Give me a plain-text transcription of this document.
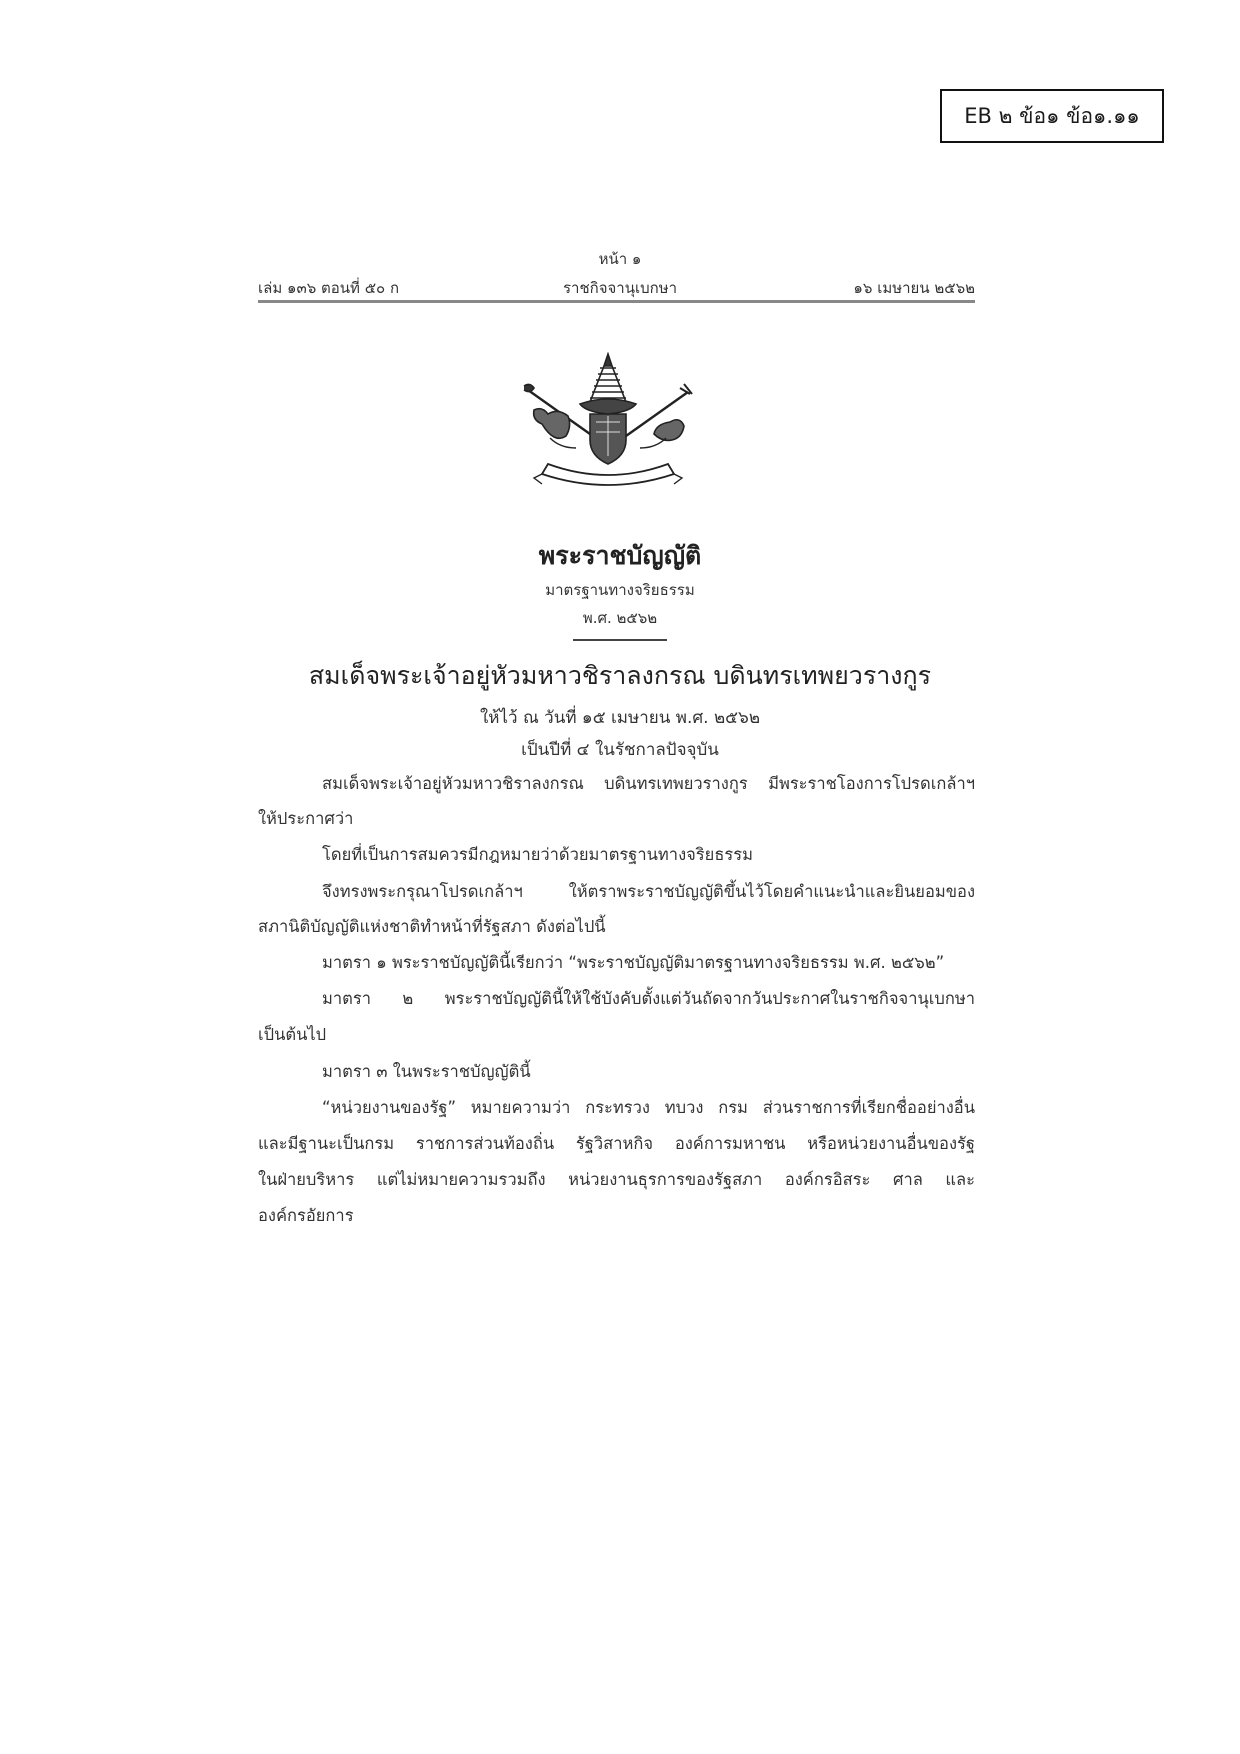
EB ๒ ข้อ๑ ข้อ๑.๑๑
หน้า ๑
เล่ม ๑๓๖ ตอนที่ ๕๐ ก	ราชกิจจานุเบกษา	๑๖ เมษายน ๒๕๖๒
พระราชบัญญัติ
มาตรฐานทางจริยธรรม
พ.ศ. ๒๕๖๒
สมเด็จพระเจ้าอยู่หัวมหาวชิราลงกรณ บดินทรเทพยวรางกูร
ให้ไว้ ณ วันที่ ๑๕ เมษายน พ.ศ. ๒๕๖๒
เป็นปีที่ ๔ ในรัชกาลปัจจุบัน
สมเด็จพระเจ้าอยู่หัวมหาวชิราลงกรณ บดินทรเทพยวรางกูร มีพระราชโองการโปรดเกล้าฯ
ให้ประกาศว่า
โดยที่เป็นการสมควรมีกฎหมายว่าด้วยมาตรฐานทางจริยธรรม
จึงทรงพระกรุณาโปรดเกล้าฯ ให้ตราพระราชบัญญัติขึ้นไว้โดยคำแนะนำและยินยอมของ
สภานิติบัญญัติแห่งชาติทำหน้าที่รัฐสภา ดังต่อไปนี้
มาตรา ๑ พระราชบัญญัตินี้เรียกว่า “พระราชบัญญัติมาตรฐานทางจริยธรรม พ.ศ. ๒๕๖๒”
มาตรา ๒ พระราชบัญญัตินี้ให้ใช้บังคับตั้งแต่วันถัดจากวันประกาศในราชกิจจานุเบกษา
เป็นต้นไป
มาตรา ๓ ในพระราชบัญญัตินี้
“หน่วยงานของรัฐ” หมายความว่า กระทรวง ทบวง กรม ส่วนราชการที่เรียกชื่ออย่างอื่น
และมีฐานะเป็นกรม ราชการส่วนท้องถิ่น รัฐวิสาหกิจ องค์การมหาชน หรือหน่วยงานอื่นของรัฐ
ในฝ่ายบริหาร แต่ไม่หมายความรวมถึง หน่วยงานธุรการของรัฐสภา องค์กรอิสระ ศาล และ
องค์กรอัยการ
